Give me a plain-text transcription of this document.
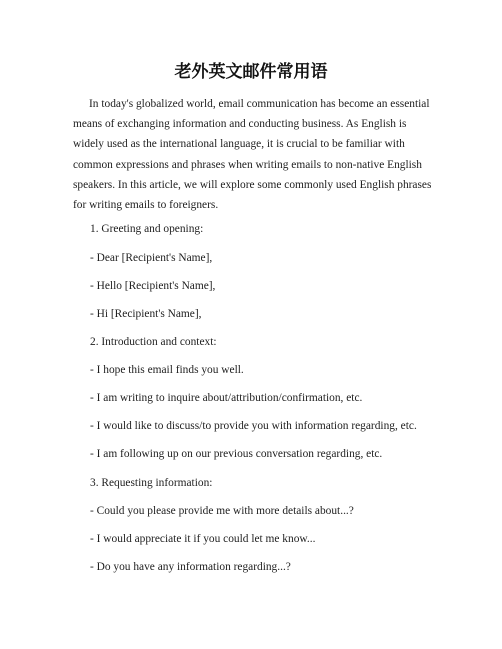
老外英文邮件常用语

In today's globalized world, email communication has become an essential means of exchanging information and conducting business. As English is widely used as the international language, it is crucial to be familiar with common expressions and phrases when writing emails to non-native English speakers. In this article, we will explore some commonly used English phrases for writing emails to foreigners.

1. Greeting and opening:

- Dear [Recipient's Name],

- Hello [Recipient's Name],

- Hi [Recipient's Name],

2. Introduction and context:

- I hope this email finds you well.

- I am writing to inquire about/attribution/confirmation, etc.

- I would like to discuss/to provide you with information regarding, etc.

- I am following up on our previous conversation regarding, etc.

3. Requesting information:

- Could you please provide me with more details about...?

- I would appreciate it if you could let me know...

- Do you have any information regarding...?
